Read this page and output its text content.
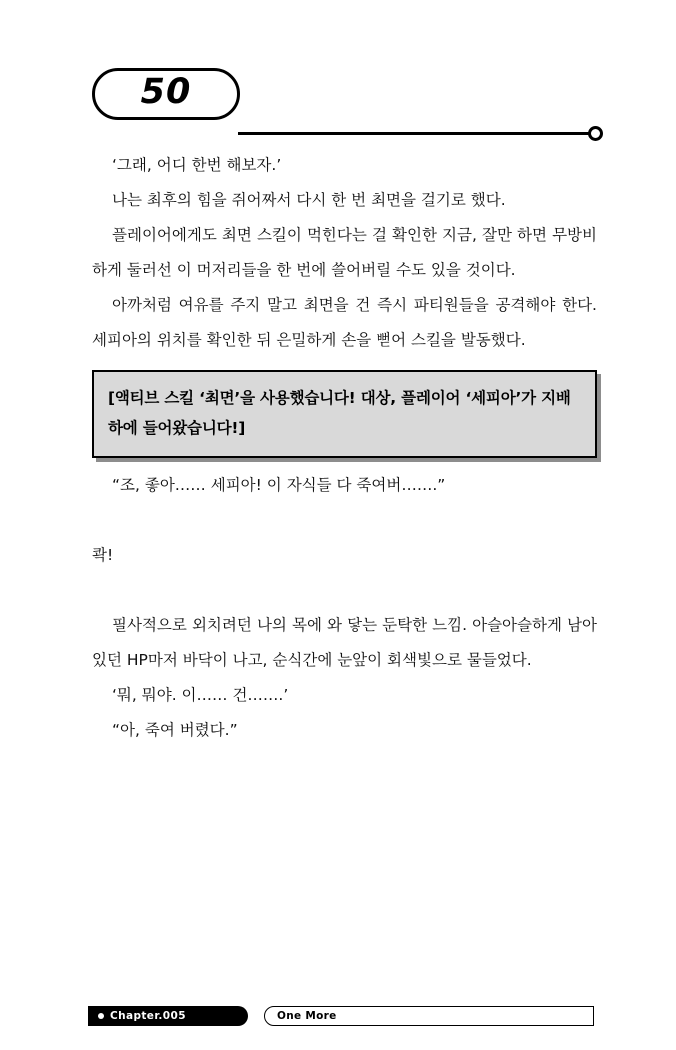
50

‘그래, 어디 한번 해보자.’

나는 최후의 힘을 쥐어짜서 다시 한 번 최면을 걸기로 했다.

플레이어에게도 최면 스킬이 먹힌다는 걸 확인한 지금, 잘만 하면 무방비하게 둘러선 이 머저리들을 한 번에 쓸어버릴 수도 있을 것이다.

아까처럼 여유를 주지 말고 최면을 건 즉시 파티원들을 공격해야 한다. 세피아의 위치를 확인한 뒤 은밀하게 손을 뻗어 스킬을 발동했다.

[액티브 스킬 ‘최면’을 사용했습니다! 대상, 플레이어 ‘세피아’가 지배하에 들어왔습니다!]

“조, 좋아…… 세피아! 이 자식들 다 죽여버…….”

콱!

필사적으로 외치려던 나의 목에 와 닿는 둔탁한 느낌. 아슬아슬하게 남아 있던 HP마저 바닥이 나고, 순식간에 눈앞이 회색빛으로 물들었다.

‘뭐, 뭐야. 이…… 건…….’

“아, 죽여 버렸다.”

Chapter.005	One More
